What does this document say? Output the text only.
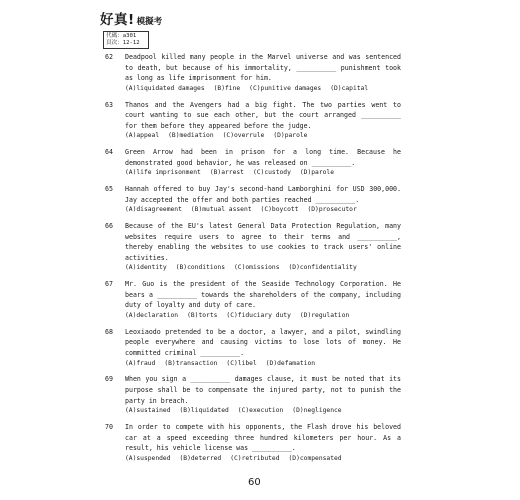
好真! 模擬考
代碼：a301
頁次：12-12
62 Deadpool killed many people in the Marvel universe and was sentenced to death, but because of his immortality, __________ punishment took as long as life imprisonment for him.
(A)liquidated damages (B)fine (C)punitive damages (D)capital
63 Thanos and the Avengers had a big fight. The two parties went to court wanting to sue each other, but the court arranged __________ for them before they appeared before the judge.
(A)appeal (B)mediation (C)overrule (D)parole
64 Green Arrow had been in prison for a long time. Because he demonstrated good behavior, he was released on __________.
(A)life imprisonment (B)arrest (C)custody (D)parole
65 Hannah offered to buy Jay's second-hand Lamborghini for USD 300,000. Jay accepted the offer and both parties reached __________.
(A)disagreement (B)mutual assent (C)boycott (D)prosecutor
66 Because of the EU's latest General Data Protection Regulation, many websites require users to agree to their terms and __________, thereby enabling the websites to use cookies to track users' online activities.
(A)identity (B)conditions (C)omissions (D)confidentiality
67 Mr. Guo is the president of the Seaside Technology Corporation. He bears a __________ towards the shareholders of the company, including duty of loyalty and duty of care.
(A)declaration (B)torts (C)fiduciary duty (D)regulation
68 Leoxiaodo pretended to be a doctor, a lawyer, and a pilot, swindling people everywhere and causing victims to lose lots of money. He committed criminal __________.
(A)fraud (B)transaction (C)libel (D)defamation
69 When you sign a __________ damages clause, it must be noted that its purpose shall be to compensate the injured party, not to punish the party in breach.
(A)sustained (B)liquidated (C)execution (D)negligence
70 In order to compete with his opponents, the Flash drove his beloved car at a speed exceeding three hundred kilometers per hour. As a result, his vehicle license was __________.
(A)suspended (B)deterred (C)retributed (D)compensated
60
